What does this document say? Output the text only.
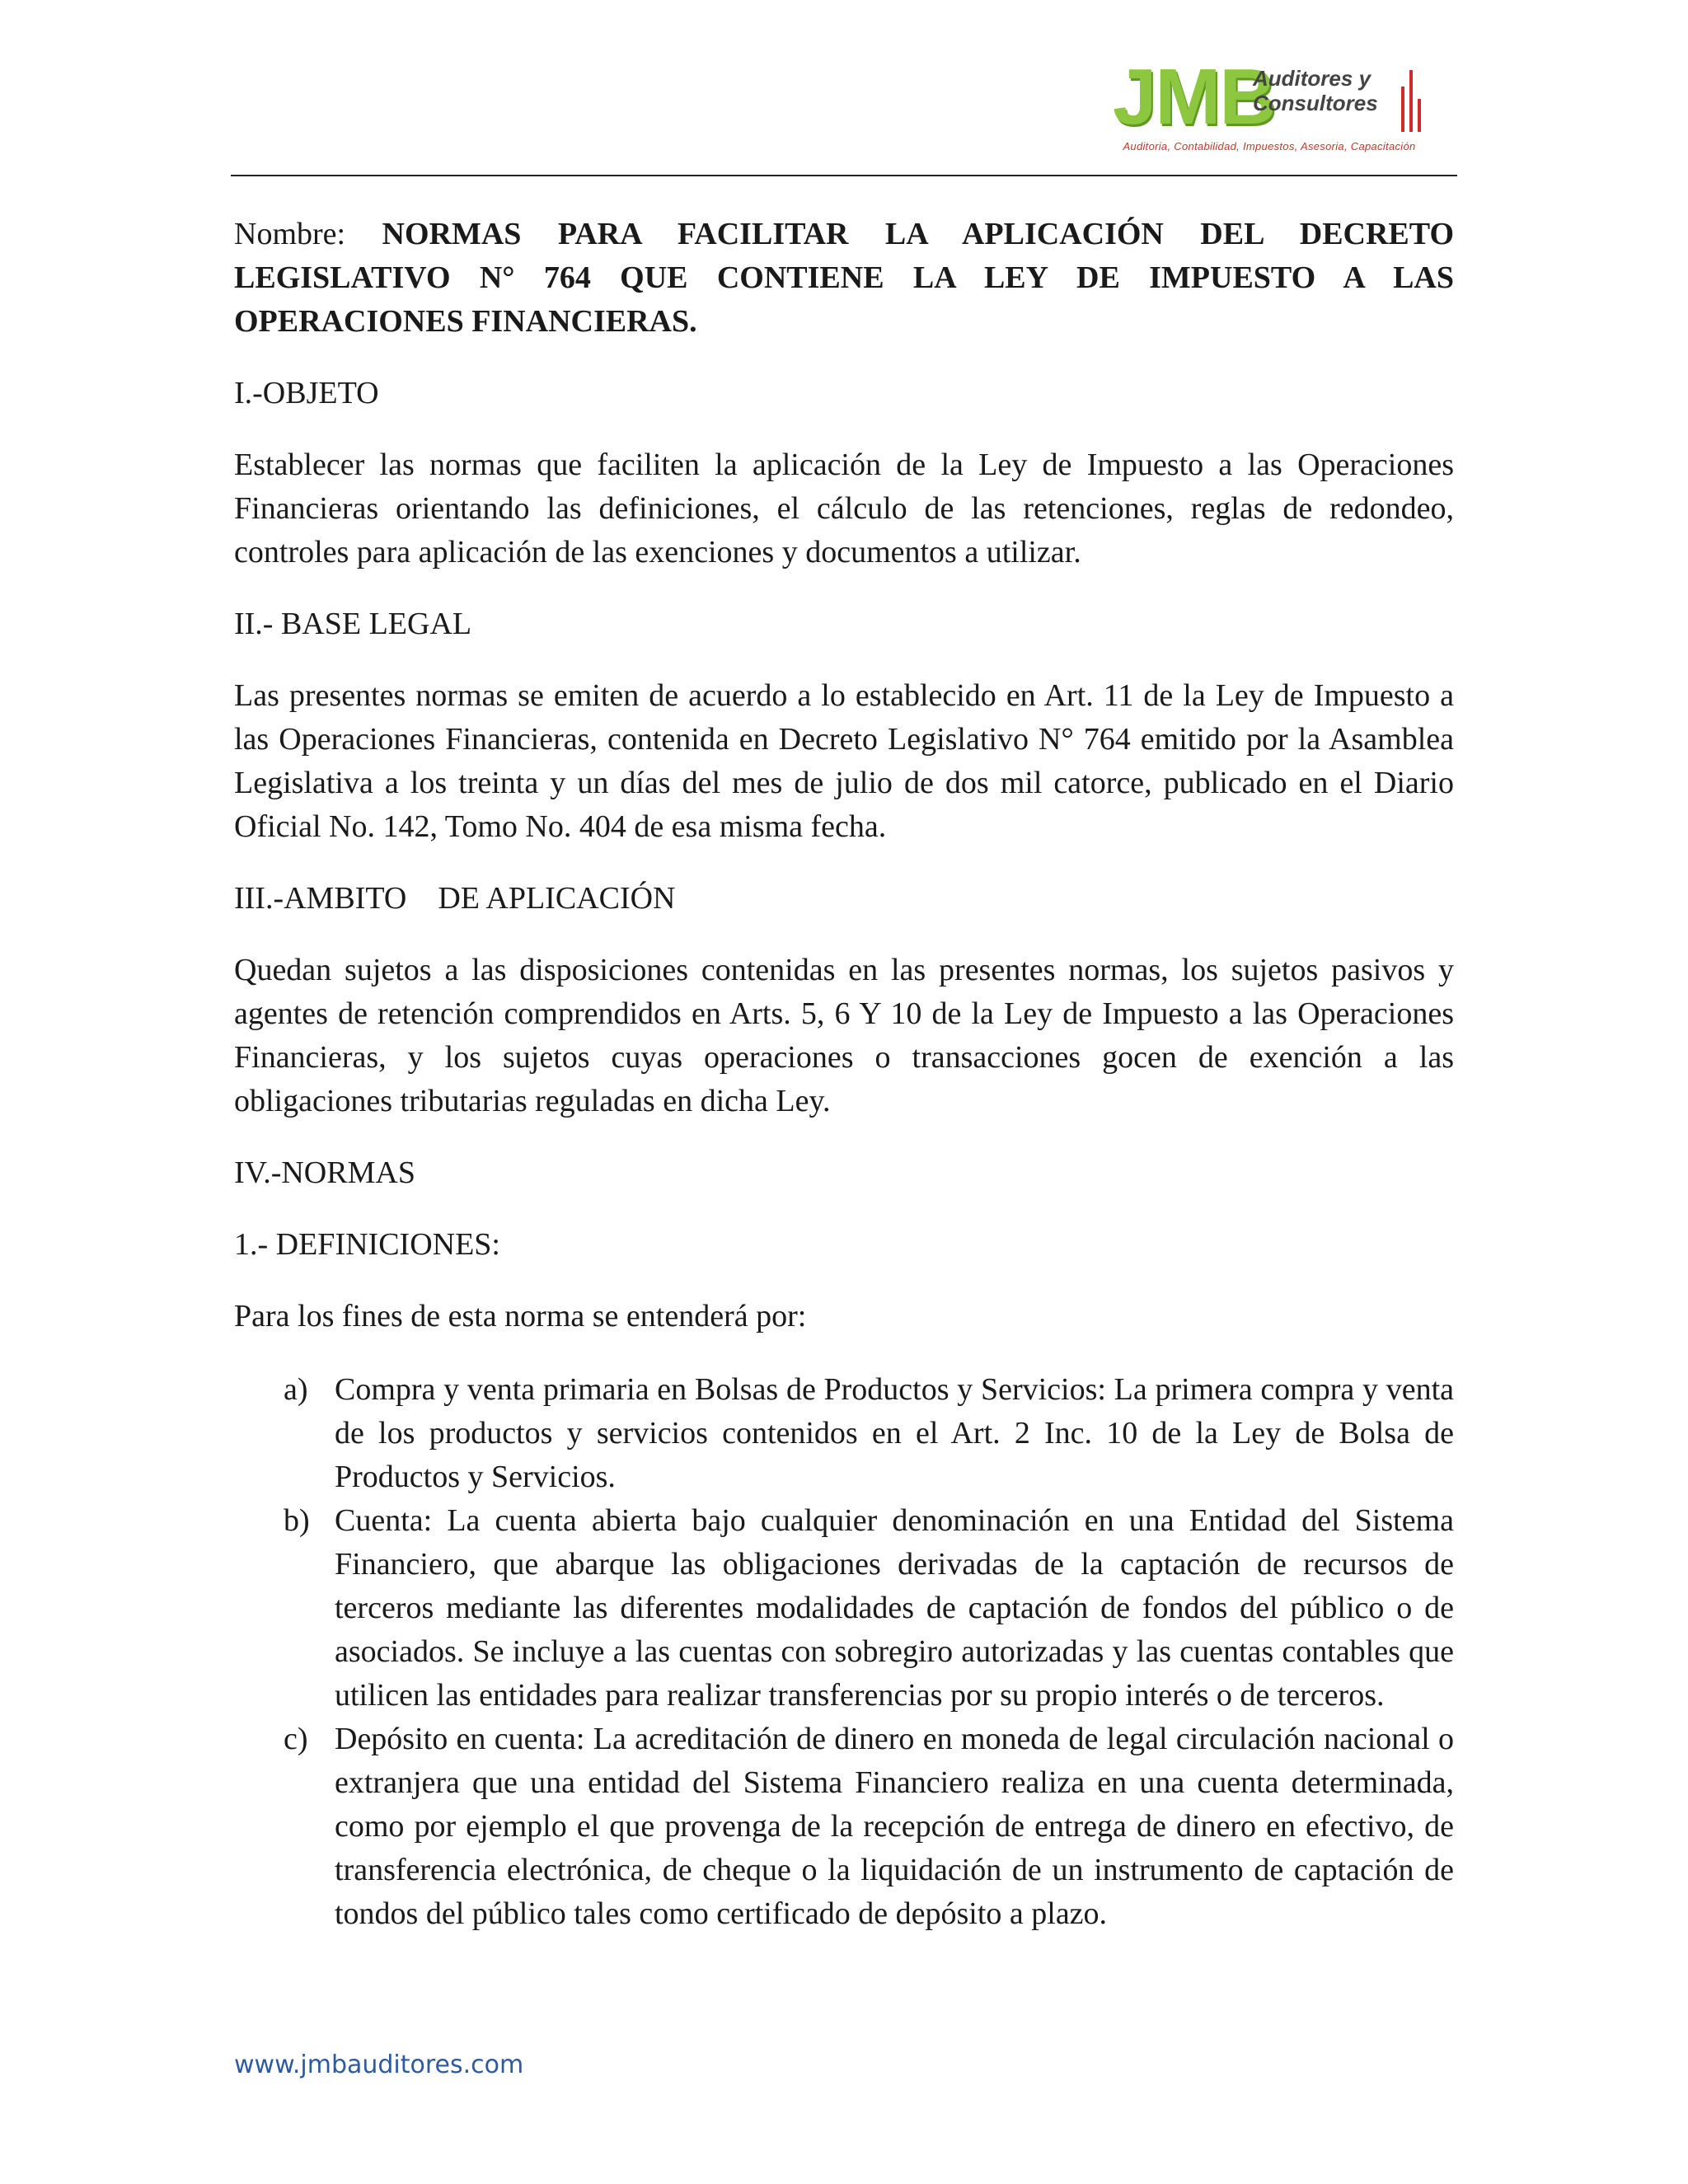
JMB
Auditores y
Consultores
Auditoria, Contabilidad, Impuestos, Asesoria, Capacitación

Nombre: NORMAS PARA FACILITAR LA APLICACIÓN DEL DECRETO LEGISLATIVO N° 764 QUE CONTIENE LA LEY DE IMPUESTO A LAS OPERACIONES FINANCIERAS.

I.-OBJETO

Establecer las normas que faciliten la aplicación de la Ley de Impuesto a las Operaciones Financieras orientando las definiciones, el cálculo de las retenciones, reglas de redondeo, controles para aplicación de las exenciones y documentos a utilizar.

II.- BASE LEGAL

Las presentes normas se emiten de acuerdo a lo establecido en Art. 11 de la Ley de Impuesto a las Operaciones Financieras, contenida en Decreto Legislativo N° 764 emitido por la Asamblea Legislativa a los treinta y un días del mes de julio de dos mil catorce, publicado en el Diario Oficial No. 142, Tomo No. 404 de esa misma fecha.

III.-AMBITO    DE APLICACIÓN

Quedan sujetos a las disposiciones contenidas en las presentes normas, los sujetos pasivos y agentes de retención comprendidos en Arts. 5, 6 Y 10 de la Ley de Impuesto a las Operaciones Financieras, y los sujetos cuyas operaciones o transacciones gocen de exención a las obligaciones tributarias reguladas en dicha Ley.

IV.-NORMAS

1.- DEFINICIONES:

Para los fines de esta norma se entenderá por:

a) Compra y venta primaria en Bolsas de Productos y Servicios: La primera compra y venta de los productos y servicios contenidos en el Art. 2 Inc. 10 de la Ley de Bolsa de Productos y Servicios.
b) Cuenta: La cuenta abierta bajo cualquier denominación en una Entidad del Sistema Financiero, que abarque las obligaciones derivadas de la captación de recursos de terceros mediante las diferentes modalidades de captación de fondos del público o de asociados. Se incluye a las cuentas con sobregiro autorizadas y las cuentas contables que utilicen las entidades para realizar transferencias por su propio interés o de terceros.
c) Depósito en cuenta: La acreditación de dinero en moneda de legal circulación nacional o extranjera que una entidad del Sistema Financiero realiza en una cuenta determinada, como por ejemplo el que provenga de la recepción de entrega de dinero en efectivo, de transferencia electrónica, de cheque o la liquidación de un instrumento de captación de tondos del público tales como certificado de depósito a plazo.
www.jmbauditores.com
